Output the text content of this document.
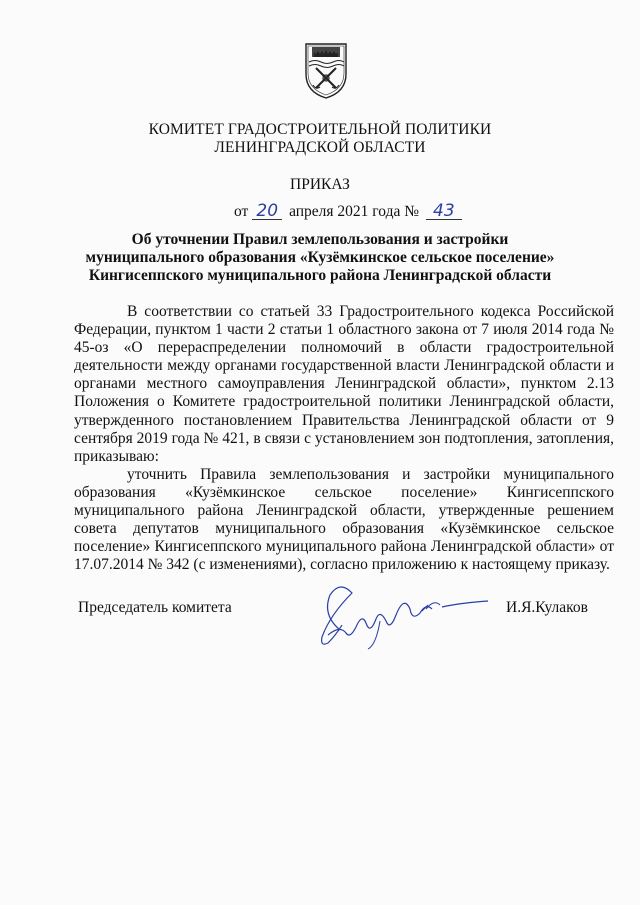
КОМИТЕТ ГРАДОСТРОИТЕЛЬНОЙ ПОЛИТИКИ
ЛЕНИНГРАДСКОЙ ОБЛАСТИ
ПРИКАЗ
от 20 апреля 2021 года № 43
Об уточнении Правил землепользования и застройки
муниципального образования «Кузёмкинское сельское поселение»
Кингисеппского муниципального района Ленинградской области
В соответствии со статьей 33 Градостроительного кодекса Российской Федерации, пунктом 1 части 2 статьи 1 областного закона от 7 июля 2014 года № 45-оз «О перераспределении полномочий в области градостроительной деятельности между органами государственной власти Ленинградской области и органами местного самоуправления Ленинградской области», пунктом 2.13 Положения о Комитете градостроительной политики Ленинградской области, утвержденного постановлением Правительства Ленинградской области от 9 сентября 2019 года № 421, в связи с установлением зон подтопления, затопления, приказываю:
уточнить Правила землепользования и застройки муниципального образования «Кузёмкинское сельское поселение» Кингисеппского муниципального района Ленинградской области, утвержденные решением совета депутатов муниципального образования «Кузёмкинское сельское поселение» Кингисеппского муниципального района Ленинградской области» от 17.07.2014 № 342 (с изменениями), согласно приложению к настоящему приказу.
Председатель комитета	И.Я.Кулаков
